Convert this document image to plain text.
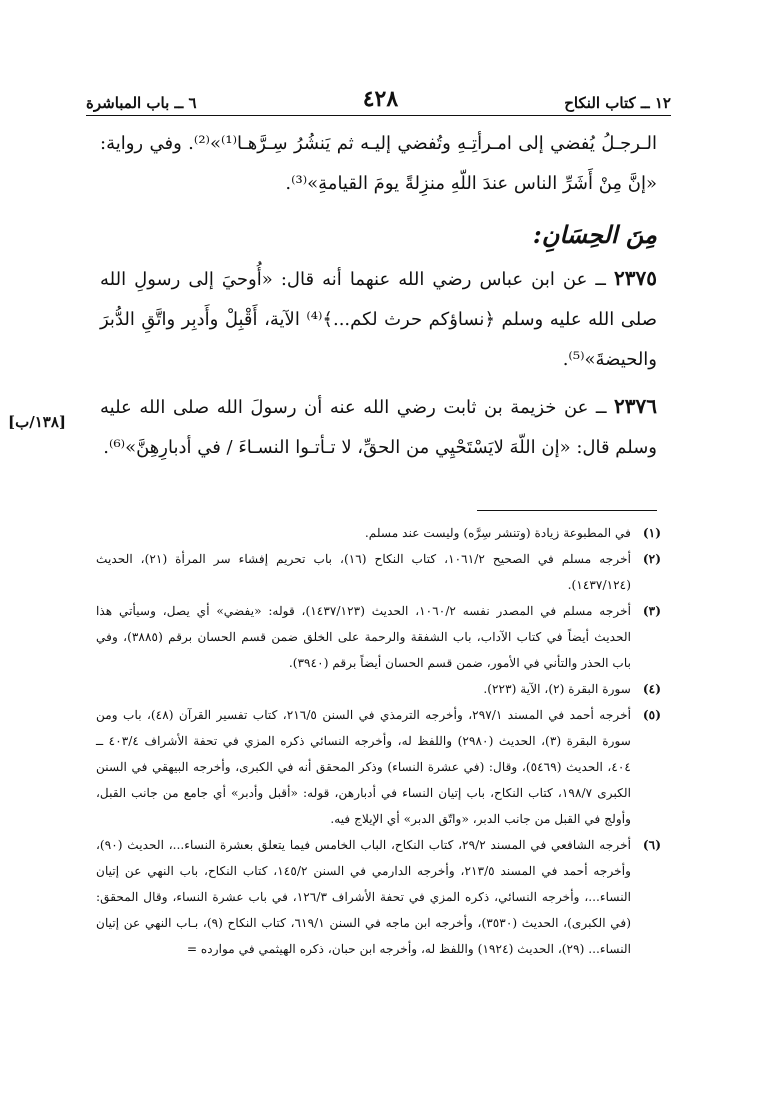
١٢ ــ كتاب النكاح
٤٢٨
٦ ــ باب المباشرة

الـرجـلُ يُفضي إلى امـرأتِـهِ وتُفضي إليـه ثم يَنشُرُ سِـرَّهـا⁽¹⁾»⁽²⁾. وفي رواية: «إنَّ مِنْ أَشَرِّ الناس عندَ اللّهِ منزِلةً يومَ القيامةِ»⁽³⁾.

مِنَ الحِسَانِ:

٢٣٧٥ ــ عن ابن عباس رضي الله عنهما أنه قال: «أُوحيَ إلى رسولِ الله صلى الله عليه وسلم ﴿نساؤكم حرث لكم...﴾⁽⁴⁾ الآية، أَقْبِلْ وأَدبِر واتَّقِ الدُّبرَ والحيضةَ»⁽⁵⁾.

٢٣٧٦ ــ عن خزيمة بن ثابت رضي الله عنه أن رسولَ الله صلى الله عليه وسلم قال: «إن اللّهَ لايَسْتَحْيِي من الحقِّ، لا تـأتـوا النسـاءَ / في أدبارِهِنَّ»⁽⁶⁾.

[١٣٨/ب]
(١)
في المطبوعة زيادة (وتنشر سِرَّه) وليست عند مسلم.
(٢)
أخرجه مسلم في الصحيح ١٠٦١/٢، كتاب النكاح (١٦)، باب تحريم إفشاء سر المرأة (٢١)، الحديث (١٤٣٧/١٢٤).
(٣)
أخرجه مسلم في المصدر نفسه ١٠٦٠/٢، الحديث (١٤٣٧/١٢٣)، قوله: «يفضي» أي يصل، وسيأتي هذا الحديث أيضاً في كتاب الآداب، باب الشفقة والرحمة على الخلق ضمن قسم الحسان برقم (٣٨٨٥)، وفي باب الحذر والتأني في الأمور، ضمن قسم الحسان أيضاً برقم (٣٩٤٠).
(٤)
سورة البقرة (٢)، الآية (٢٢٣).
(٥)
أخرجه أحمد في المسند ٢٩٧/١، وأخرجه الترمذي في السنن ٢١٦/٥، كتاب تفسير القرآن (٤٨)، باب ومن سورة البقرة (٣)، الحديث (٢٩٨٠) واللفظ له، وأخرجه النسائي ذكره المزي في تحفة الأشراف ٤٠٣/٤ ــ ٤٠٤، الحديث (٥٤٦٩)، وقال: (في عشرة النساء) وذكر المحقق أنه في الكبرى، وأخرجه البيهقي في السنن الكبرى ١٩٨/٧، كتاب النكاح، باب إتيان النساء في أدبارهن، قوله: «أقبل وأدبر» أي جامع من جانب القبل، وأولج في القبل من جانب الدبر، «واتّق الدبر» أي الإيلاج فيه.
(٦)
أخرجه الشافعي في المسند ٢٩/٢، كتاب النكاح، الباب الخامس فيما يتعلق بعشرة النساء...، الحديث (٩٠)، وأخرجه أحمد في المسند ٢١٣/٥، وأخرجه الدارمي في السنن ١٤٥/٢، كتاب النكاح، باب النهي عن إتيان النساء...، وأخرجه النسائي، ذكره المزي في تحفة الأشراف ١٢٦/٣، في باب عشرة النساء، وقال المحقق: (في الكبرى)، الحديث (٣٥٣٠)، وأخرجه ابن ماجه في السنن ٦١٩/١، كتاب النكاح (٩)، بـاب النهي عن إتيان النساء... (٢٩)، الحديث (١٩٢٤) واللفظ له، وأخرجه ابن حبان، ذكره الهيثمي في موارده =
